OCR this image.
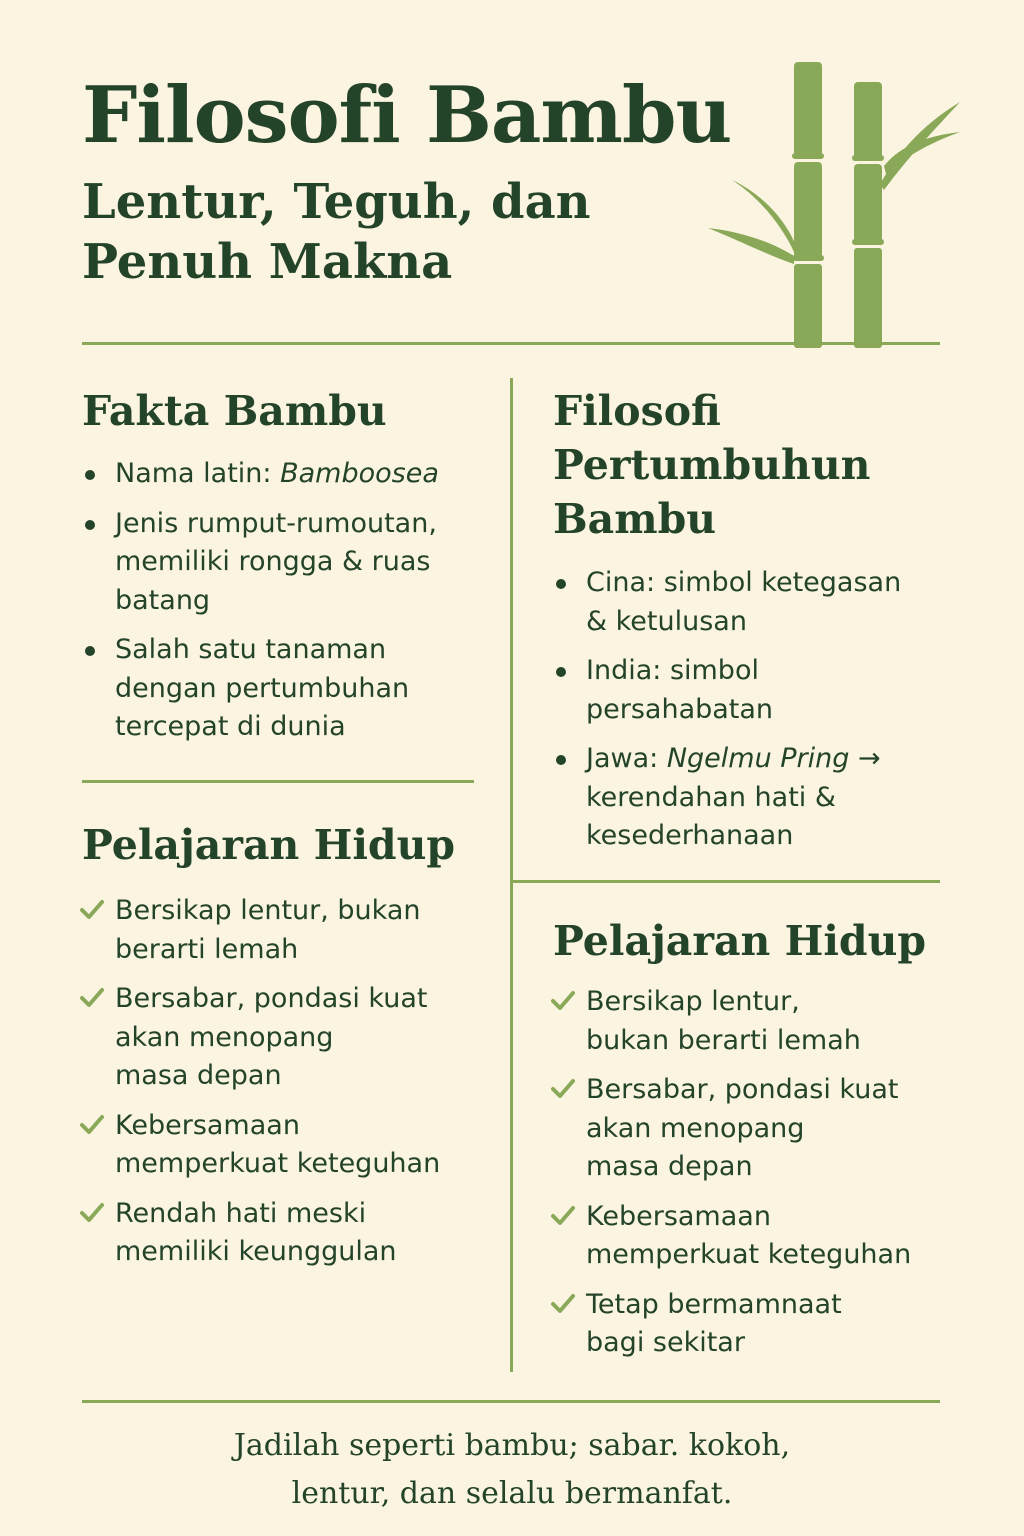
Filosofi Bambu
Lentur, Teguh, dan
Penuh Makna
Fakta Bambu
Nama latin: Bamboosea
Jenis rumput-rumoutan,
memiliki rongga & ruas
batang
Salah satu tanaman
dengan pertumbuhan
tercepat di dunia
Pelajaran Hidup
Bersikap lentur, bukan
berarti lemah
Bersabar, pondasi kuat
akan menopang
masa depan
Kebersamaan
memperkuat keteguhan
Rendah hati meski
memiliki keunggulan
Filosofi
Pertumbuhun
Bambu
Cina: simbol ketegasan
& ketulusan
India: simbol
persahabatan
Jawa: Ngelmu Pring →
kerendahan hati &
kesederhanaan
Pelajaran Hidup
Bersikap lentur,
bukan berarti lemah
Bersabar, pondasi kuat
akan menopang
masa depan
Kebersamaan
memperkuat keteguhan
Tetap bermamnaat
bagi sekitar

Jadilah seperti bambu; sabar. kokoh,
lentur, dan selalu bermanfat.
